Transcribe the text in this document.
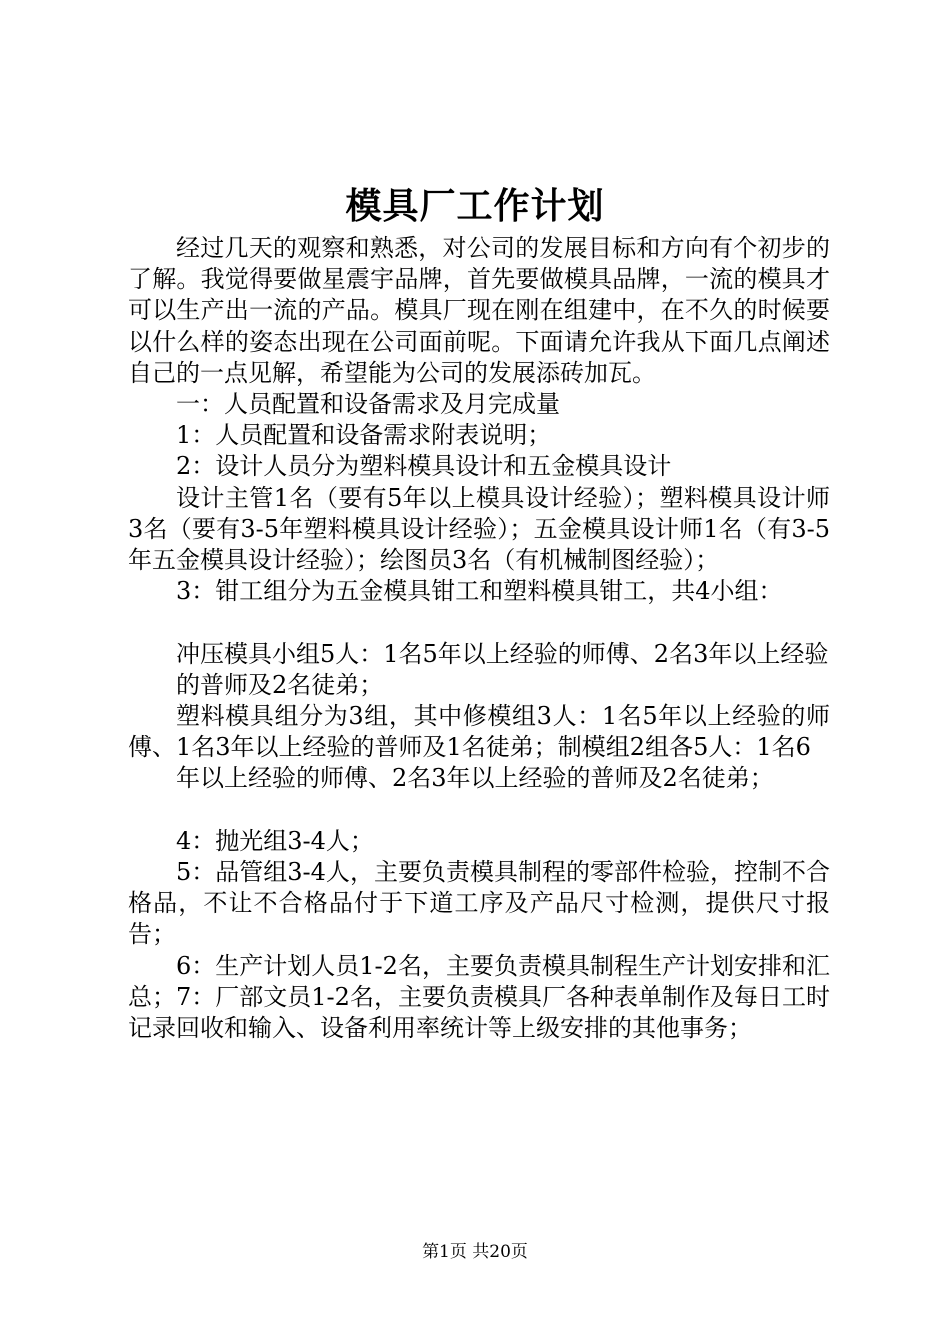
模具厂工作计划

经过几天的观察和熟悉，对公司的发展目标和方向有个初步的了解。我觉得要做星震宇品牌，首先要做模具品牌，一流的模具才可以生产出一流的产品。模具厂现在刚在组建中，在不久的时候要以什么样的姿态出现在公司面前呢。下面请允许我从下面几点阐述自己的一点见解，希望能为公司的发展添砖加瓦。

一：人员配置和设备需求及月完成量

1：人员配置和设备需求附表说明；

2：设计人员分为塑料模具设计和五金模具设计

设计主管1名（要有5年以上模具设计经验）；塑料模具设计师3名（要有3-5年塑料模具设计经验）；五金模具设计师1名（有3-5年五金模具设计经验）；绘图员3名（有机械制图经验）；

3：钳工组分为五金模具钳工和塑料模具钳工，共4小组：

冲压模具小组5人：1名5年以上经验的师傅、2名3年以上经验

的普师及2名徒弟；

塑料模具组分为3组，其中修模组3人：1名5年以上经验的师傅、1名3年以上经验的普师及1名徒弟；制模组2组各5人：1名6

年以上经验的师傅、2名3年以上经验的普师及2名徒弟；

4：抛光组3-4人；

5：品管组3-4人，主要负责模具制程的零部件检验，控制不合格品，不让不合格品付于下道工序及产品尺寸检测，提供尺寸报告；

6：生产计划人员1-2名，主要负责模具制程生产计划安排和汇总；7：厂部文员1-2名，主要负责模具厂各种表单制作及每日工时记录回收和输入、设备利用率统计等上级安排的其他事务；

第1页 共20页
